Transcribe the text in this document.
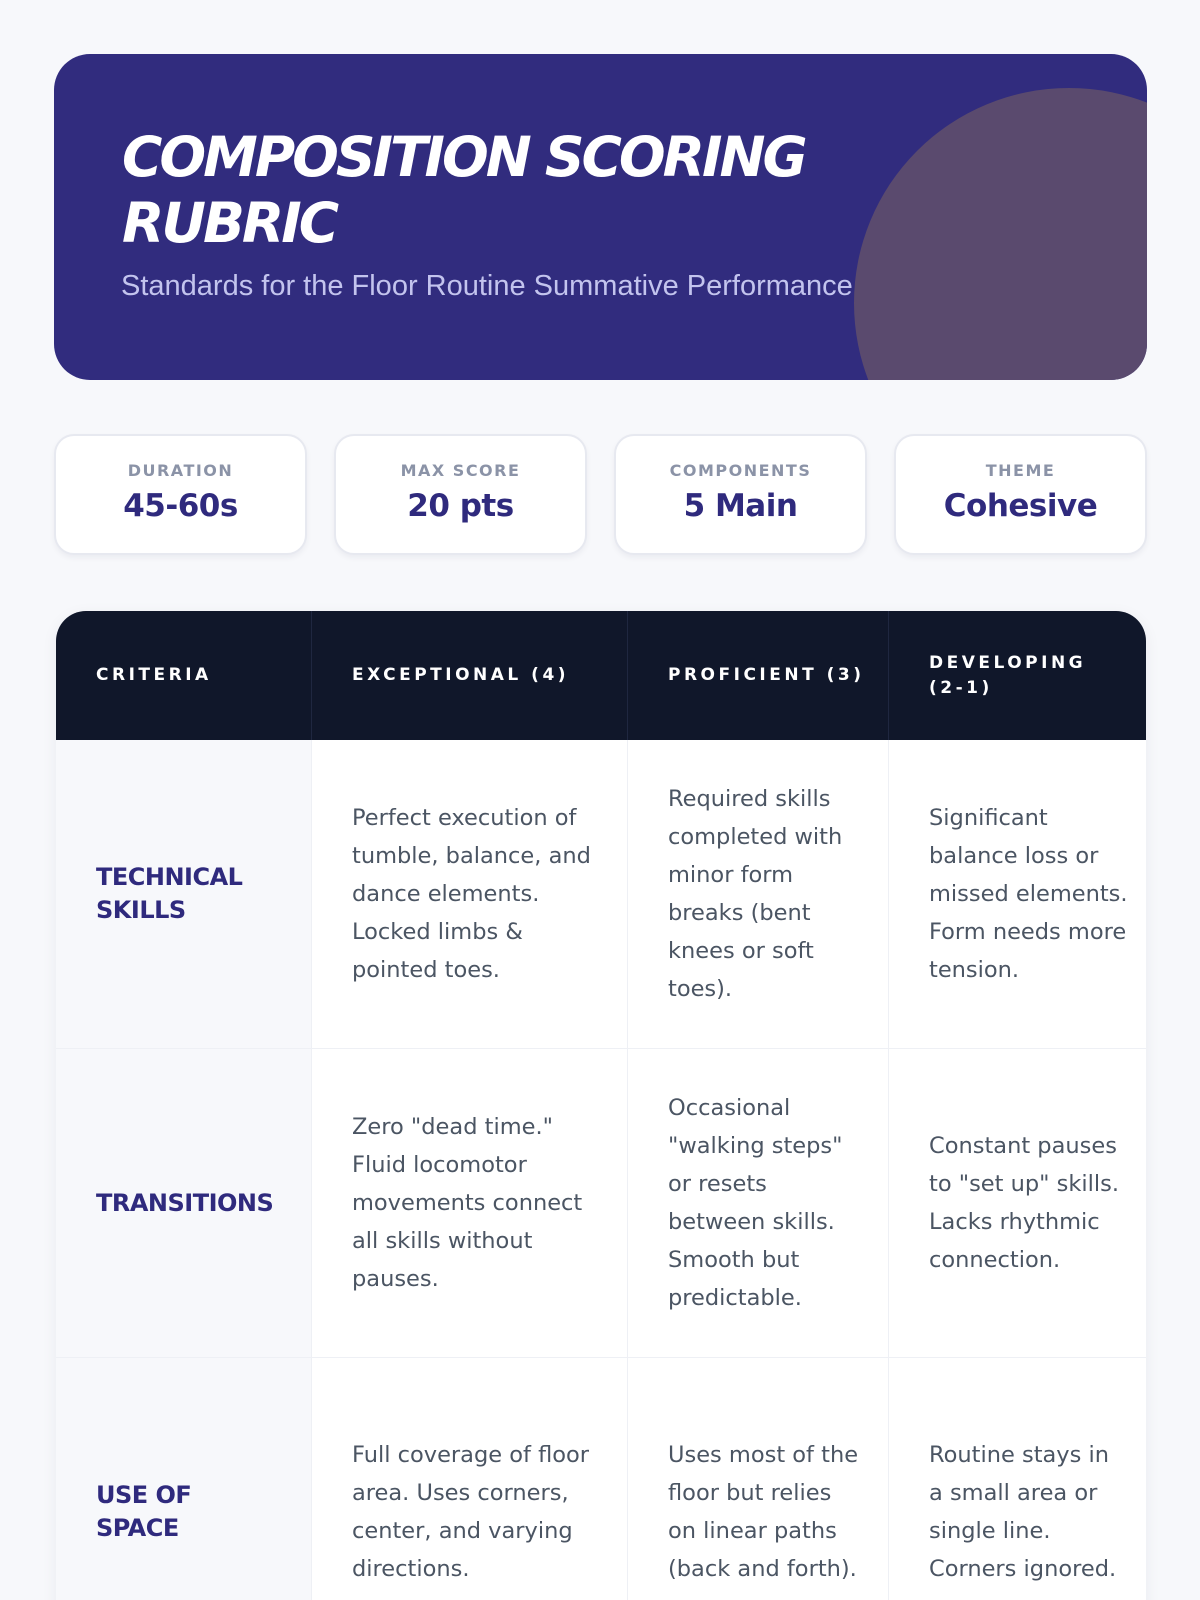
COMPOSITION SCORING RUBRIC

Standards for the Floor Routine Summative Performance

DURATION
45-60s
MAX SCORE
20 pts
COMPONENTS
5 Main
THEME
Cohesive
CRITERIA	EXCEPTIONAL (4)	PROFICIENT (3)
DEVELOPING (2-1)
TECHNICAL SKILLS
Perfect execution of tumble, balance, and dance elements. Locked limbs & pointed toes.
Required skills completed with minor form breaks (bent knees or soft toes).
Significant balance loss or missed elements. Form needs more tension.
TRANSITIONS
Zero "dead time." Fluid locomotor movements connect all skills without pauses.
Occasional "walking steps" or resets between skills. Smooth but predictable.
Constant pauses to "set up" skills. Lacks rhythmic connection.
USE OF SPACE
Full coverage of floor area. Uses corners, center, and varying directions.
Uses most of the floor but relies on linear paths (back and forth).
Routine stays in a small area or single line. Corners ignored.
